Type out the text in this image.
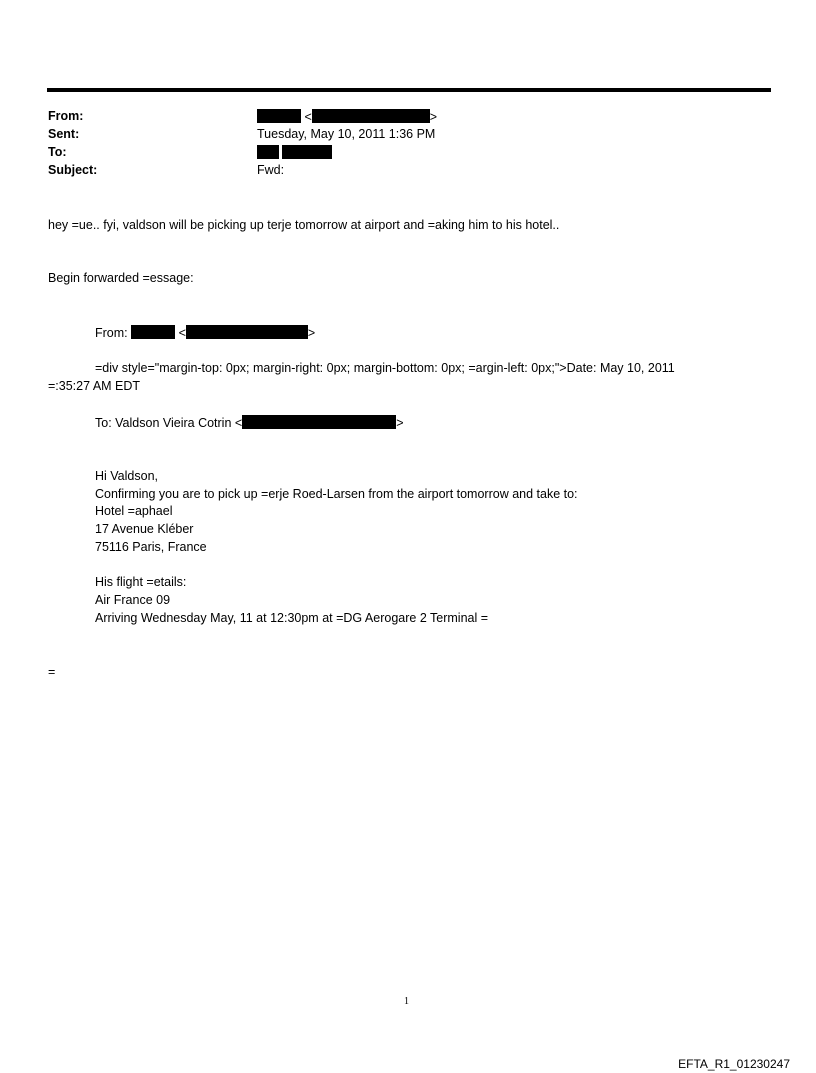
From:	<	>
Sent:	Tuesday, May 10, 2011 1:36 PM
To:

Subject:	Fwd:
hey =ue.. fyi, valdson will be picking up terje tomorrow at airport and =aking him to his hotel..
Begin forwarded =essage:
From:	<	>
=div style="margin-top: 0px; margin-right: 0px; margin-bottom: 0px; =argin-left: 0px;">Date: May 10, 2011
=:35:27 AM EDT
To: Valdson Vieira Cotrin <	>
Hi Valdson,
Confirming you are to pick up =erje Roed-Larsen from the airport tomorrow and take to:
Hotel =aphael
17 Avenue Kléber
75116 Paris, France
His flight =etails:
Air France 09
Arriving Wednesday May, 11 at 12:30pm at =DG Aerogare 2 Terminal =
=
1
EFTA_R1_01230247
